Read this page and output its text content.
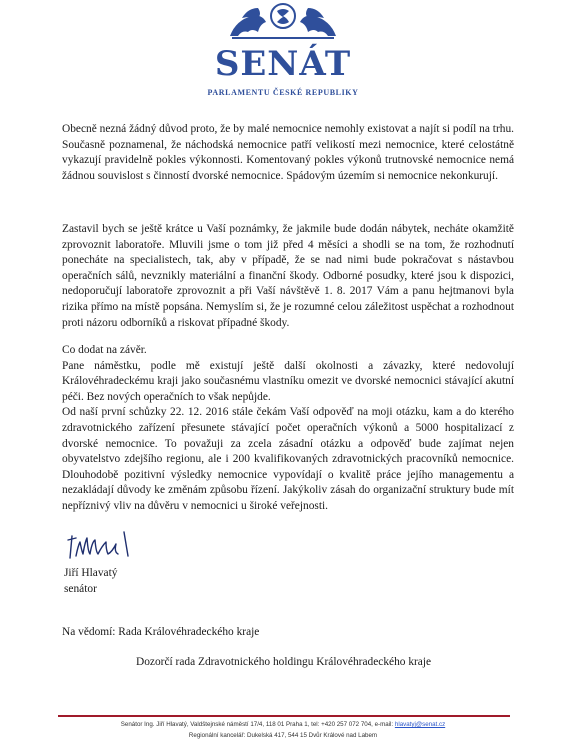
SENÁT
PARLAMENTU ČESKÉ REPUBLIKY

Obecně nezná žádný důvod proto, že by malé nemocnice nemohly existovat a najít si podíl na trhu. Současně poznamenal, že náchodská nemocnice patří velikostí mezi nemocnice, které celostátně vykazují pravidelně pokles výkonnosti. Komentovaný pokles výkonů trutnovské nemocnice nemá žádnou souvislost s činností dvorské nemocnice. Spádovým územím si nemocnice nekonkurují.

Zastavil bych se ještě krátce u Vaší poznámky, že jakmile bude dodán nábytek, necháte okamžitě zprovoznit laboratoře. Mluvili jsme o tom již před 4 měsíci a shodli se na tom, že rozhodnutí ponecháte na specialistech, tak, aby v případě, že se nad nimi bude pokračovat s nástavbou operačních sálů, nevznikly materiální a finanční škody. Odborné posudky, které jsou k dispozici, nedoporučují laboratoře zprovoznit a při Vaší návštěvě 1. 8. 2017 Vám a panu hejtmanovi byla rizika přímo na místě popsána. Nemyslím si, že je rozumné celou záležitost uspěchat a rozhodnout proti názoru odborníků a riskovat případné škody.

Co dodat na závěr.

Pane náměstku, podle mě existují ještě další okolnosti a závazky, které nedovolují Královéhradeckému kraji jako současnému vlastníku omezit ve dvorské nemocnici stávající akutní péči. Bez nových operačních to však nepůjde.

Od naší první schůzky 22. 12. 2016 stále čekám Vaší odpověď na moji otázku, kam a do kterého zdravotnického zařízení přesunete stávající počet operačních výkonů a 5000 hospitalizací z dvorské nemocnice. To považuji za zcela zásadní otázku a odpověď bude zajímat nejen obyvatelstvo zdejšího regionu, ale i 200 kvalifikovaných zdravotnických pracovníků nemocnice. Dlouhodobě pozitivní výsledky nemocnice vypovídají o kvalitě práce jejího managementu a nezakládají důvody ke změnám způsobu řízení. Jakýkoliv zásah do organizační struktury bude mít nepříznivý vliv na důvěru v nemocnici u široké veřejnosti.

Jiří Hlavatý
senátor
Na vědomí: Rada Královéhradeckého kraje
Dozorčí rada Zdravotnického holdingu Královéhradeckého kraje
Senátor Ing. Jiří Hlavatý, Valdštejnské náměstí 17/4, 118 01 Praha 1, tel: +420 257 072 704, e-mail: hlavatyj@senat.cz
Regionální kancelář: Dukelská 417, 544 15 Dvůr Králové nad Labem
